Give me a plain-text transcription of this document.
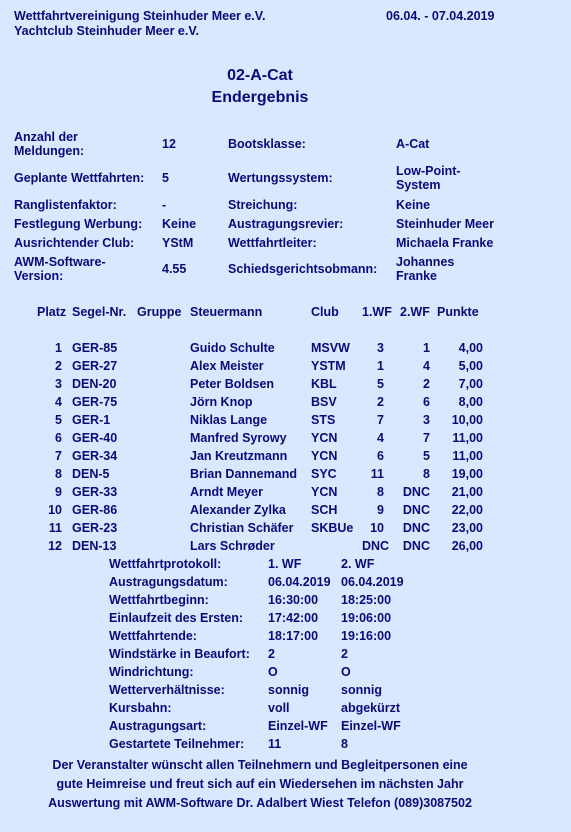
Wettfahrtvereinigung Steinhuder Meer e.V.
Yachtclub Steinhuder Meer e.V.
06.04. - 07.04.2019
02-A-Cat
Endergebnis
Anzahl der
Meldungen:	12	Bootsklasse:	A-Cat
Geplante Wettfahrten: 5	Wertungssystem:	Low-Point-
System
Ranglistenfaktor:	-	Streichung:	Keine
Festlegung Werbung: Keine	Austragungsrevier:	Steinhuder Meer
Ausrichtender Club: YStM	Wettfahrtleiter:	Michaela Franke
AWM-Software-
Version:	4.55	Schiedsgerichtsobmann: Johannes
Franke
Platz Segel-Nr. Gruppe Steuermann	Club 1.WF 2.WF Punkte
1 GER-85	Guido Schulte	MSVW	3	1	4,00
2 GER-27	Alex Meister	YSTM	1	4	5,00
3 DEN-20	Peter Boldsen	KBL	5	2	7,00
4 GER-75	Jörn Knop	BSV	2	6	8,00
5 GER-1	Niklas Lange	STS	7	3	10,00
6 GER-40	Manfred Syrowy YCN	4	7	11,00
7 GER-34	Jan Kreutzmann YCN	6	5	11,00
8 DEN-5	Brian Dannemand SYC	11	8	19,00
9 GER-33	Arndt Meyer	YCN	8	DNC	21,00
10 GER-86	Alexander Zylka SCH	9	DNC	22,00
11 GER-23	Christian Schäfer SKBUe	10	DNC	23,00
12 DEN-13	Lars Schrøder	DNC	DNC	26,00
Wettfahrtprotokoll:	1. WF	2. WF
Austragungsdatum:	06.04.2019 06.04.2019
Wettfahrtbeginn:	16:30:00 18:25:00
Einlaufzeit des Ersten: 17:42:00 19:06:00
Wettfahrtende:	18:17:00 19:16:00
Windstärke in Beaufort: 2	2
Windrichtung:	O	O
Wetterverhältnisse:	sonnig	sonnig
Kursbahn:	voll	abgekürzt
Austragungsart:	Einzel-WF Einzel-WF
Gestartete Teilnehmer: 11	8
Der Veranstalter wünscht allen Teilnehmern und Begleitpersonen eine
gute Heimreise und freut sich auf ein Wiedersehen im nächsten Jahr
Auswertung mit AWM-Software Dr. Adalbert Wiest Telefon (089)3087502
